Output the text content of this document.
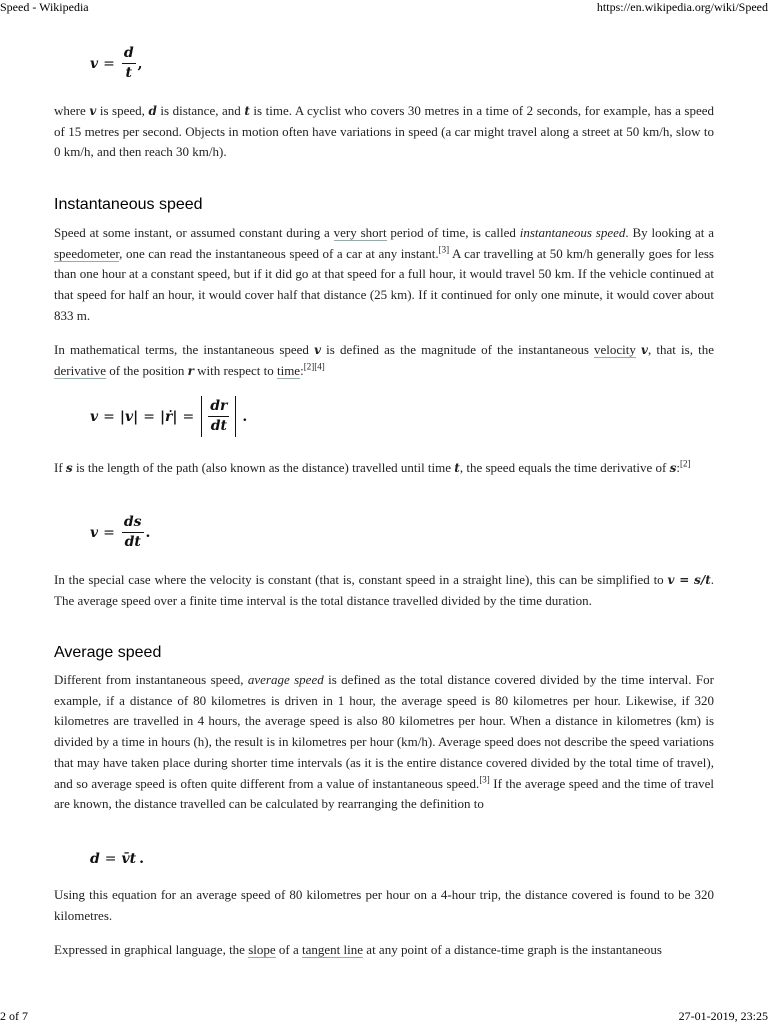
Speed - Wikipedia	https://en.wikipedia.org/wiki/Speed
$v = \frac{d}{t}$ ,

where v is speed, d is distance, and t is time. A cyclist who covers 30 metres in a time of 2 seconds, for example, has a speed of 15 metres per second. Objects in motion often have variations in speed (a car might travel along a street at 50 km/h, slow to 0 km/h, and then reach 30 km/h).

Instantaneous speed

Speed at some instant, or assumed constant during a very short period of time, is called instantaneous speed. By looking at a speedometer, one can read the instantaneous speed of a car at any instant.[3] A car travelling at 50 km/h generally goes for less than one hour at a constant speed, but if it did go at that speed for a full hour, it would travel 50 km. If the vehicle continued at that speed for half an hour, it would cover half that distance (25 km). If it continued for only one minute, it would cover about 833 m.

In mathematical terms, the instantaneous speed v is defined as the magnitude of the instantaneous velocity v, that is, the derivative of the position r with respect to time:[2][4]

v = |v| = |ṙ| = $\frac{dr}{dt}$ .

If s is the length of the path (also known as the distance) travelled until time t, the speed equals the time derivative of s:[2]

$v = \frac{ds}{dt}$ .

In the special case where the velocity is constant (that is, constant speed in a straight line), this can be simplified to v = s/t. The average speed over a finite time interval is the total distance travelled divided by the time duration.

Average speed

Different from instantaneous speed, average speed is defined as the total distance covered divided by the time interval. For example, if a distance of 80 kilometres is driven in 1 hour, the average speed is 80 kilometres per hour. Likewise, if 320 kilometres are travelled in 4 hours, the average speed is also 80 kilometres per hour. When a distance in kilometres (km) is divided by a time in hours (h), the result is in kilometres per hour (km/h). Average speed does not describe the speed variations that may have taken place during shorter time intervals (as it is the entire distance covered divided by the total time of travel), and so average speed is often quite different from a value of instantaneous speed.[3] If the average speed and the time of travel are known, the distance travelled can be calculated by rearranging the definition to

d = v̄t .

Using this equation for an average speed of 80 kilometres per hour on a 4-hour trip, the distance covered is found to be 320 kilometres.

Expressed in graphical language, the slope of a tangent line at any point of a distance-time graph is the instantaneous

2 of 7	27-01-2019, 23:25
